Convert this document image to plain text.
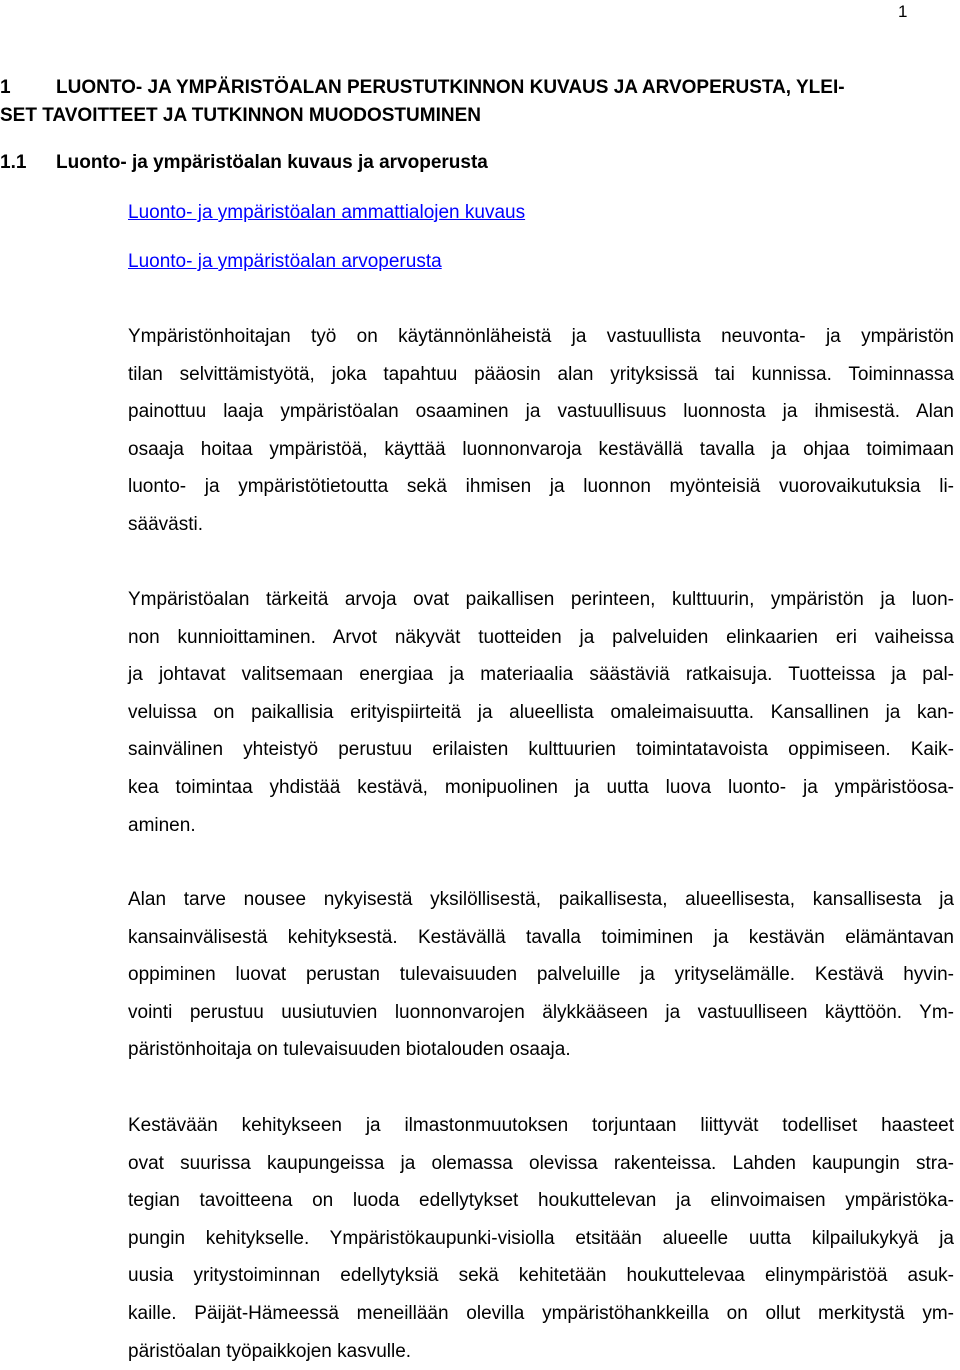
1
1 LUONTO- JA YMPÄRISTÖALAN PERUSTUTKINNON KUVAUS JA ARVOPERUSTA, YLEI-
SET TAVOITTEET JA TUTKINNON MUODOSTUMINEN
1.1 Luonto- ja ympäristöalan kuvaus ja arvoperusta
Luonto- ja ympäristöalan ammattialojen kuvaus
Luonto- ja ympäristöalan arvoperusta
Ympäristönhoitajan työ on käytännönläheistä ja vastuullista neuvonta- ja ympäristön
tilan selvittämistyötä, joka tapahtuu pääosin alan yrityksissä tai kunnissa. Toiminnassa
painottuu laaja ympäristöalan osaaminen ja vastuullisuus luonnosta ja ihmisestä. Alan
osaaja hoitaa ympäristöä, käyttää luonnonvaroja kestävällä tavalla ja ohjaa toimimaan
luonto- ja ympäristötietoutta sekä ihmisen ja luonnon myönteisiä vuorovaikutuksia li-
säävästi.
Ympäristöalan tärkeitä arvoja ovat paikallisen perinteen, kulttuurin, ympäristön ja luon-
non kunnioittaminen. Arvot näkyvät tuotteiden ja palveluiden elinkaarien eri vaiheissa
ja johtavat valitsemaan energiaa ja materiaalia säästäviä ratkaisuja. Tuotteissa ja pal-
veluissa on paikallisia erityispiirteitä ja alueellista omaleimaisuutta. Kansallinen ja kan-
sainvälinen yhteistyö perustuu erilaisten kulttuurien toimintatavoista oppimiseen. Kaik-
kea toimintaa yhdistää kestävä, monipuolinen ja uutta luova luonto- ja ympäristöosa-
aminen.
Alan tarve nousee nykyisestä yksilöllisestä, paikallisesta, alueellisesta, kansallisesta ja
kansainvälisestä kehityksestä. Kestävällä tavalla toimiminen ja kestävän elämäntavan
oppiminen luovat perustan tulevaisuuden palveluille ja yrityselämälle. Kestävä hyvin-
vointi perustuu uusiutuvien luonnonvarojen älykkääseen ja vastuulliseen käyttöön. Ym-
päristönhoitaja on tulevaisuuden biotalouden osaaja.
Kestävään kehitykseen ja ilmastonmuutoksen torjuntaan liittyvät todelliset haasteet
ovat suurissa kaupungeissa ja olemassa olevissa rakenteissa. Lahden kaupungin stra-
tegian tavoitteena on luoda edellytykset houkuttelevan ja elinvoimaisen ympäristöka-
pungin kehitykselle. Ympäristökaupunki-visiolla etsitään alueelle uutta kilpailukykyä ja
uusia yritystoiminnan edellytyksiä sekä kehitetään houkuttelevaa elinympäristöä asuk-
kaille. Päijät-Hämeessä meneillään olevilla ympäristöhankkeilla on ollut merkitystä ym-
päristöalan työpaikkojen kasvulle.
